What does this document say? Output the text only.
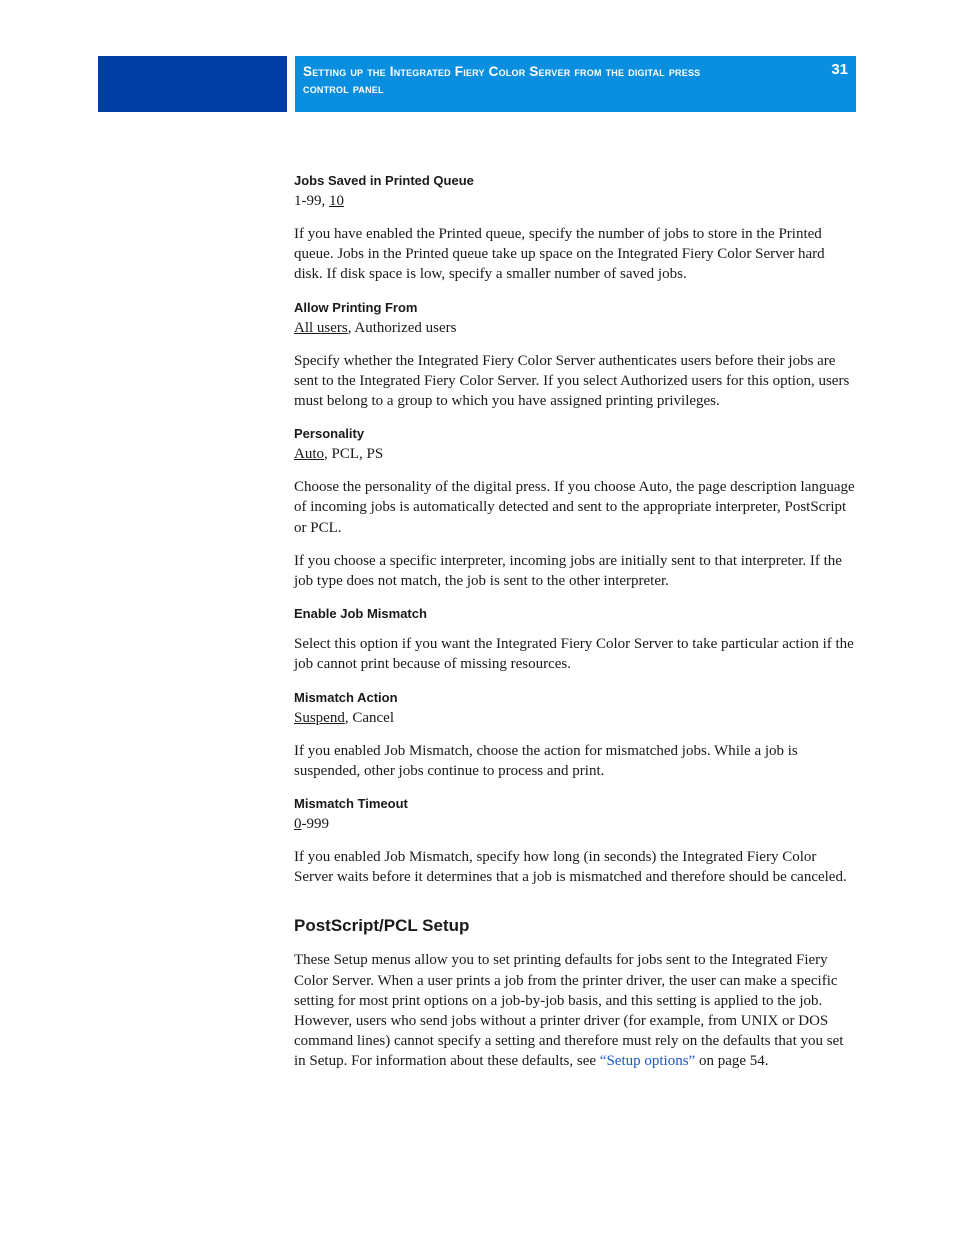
Setting up the Integrated Fiery Color Server from the digital press
control panel
31
Jobs Saved in Printed Queue
1-99, 10

If you have enabled the Printed queue, specify the number of jobs to store in the Printed queue. Jobs in the Printed queue take up space on the Integrated Fiery Color Server hard disk. If disk space is low, specify a smaller number of saved jobs.

Allow Printing From
All users, Authorized users

Specify whether the Integrated Fiery Color Server authenticates users before their jobs are sent to the Integrated Fiery Color Server. If you select Authorized users for this option, users must belong to a group to which you have assigned printing privileges.

Personality
Auto, PCL, PS

Choose the personality of the digital press. If you choose Auto, the page description language of incoming jobs is automatically detected and sent to the appropriate interpreter, PostScript or PCL.

If you choose a specific interpreter, incoming jobs are initially sent to that interpreter. If the job type does not match, the job is sent to the other interpreter.

Enable Job Mismatch

Select this option if you want the Integrated Fiery Color Server to take particular action if the job cannot print because of missing resources.

Mismatch Action
Suspend, Cancel

If you enabled Job Mismatch, choose the action for mismatched jobs. While a job is suspended, other jobs continue to process and print.

Mismatch Timeout
0-999

If you enabled Job Mismatch, specify how long (in seconds) the Integrated Fiery Color Server waits before it determines that a job is mismatched and therefore should be canceled.

PostScript/PCL Setup

These Setup menus allow you to set printing defaults for jobs sent to the Integrated Fiery Color Server. When a user prints a job from the printer driver, the user can make a specific setting for most print options on a job-by-job basis, and this setting is applied to the job. However, users who send jobs without a printer driver (for example, from UNIX or DOS command lines) cannot specify a setting and therefore must rely on the defaults that you set in Setup. For information about these defaults, see “Setup options” on page 54.
